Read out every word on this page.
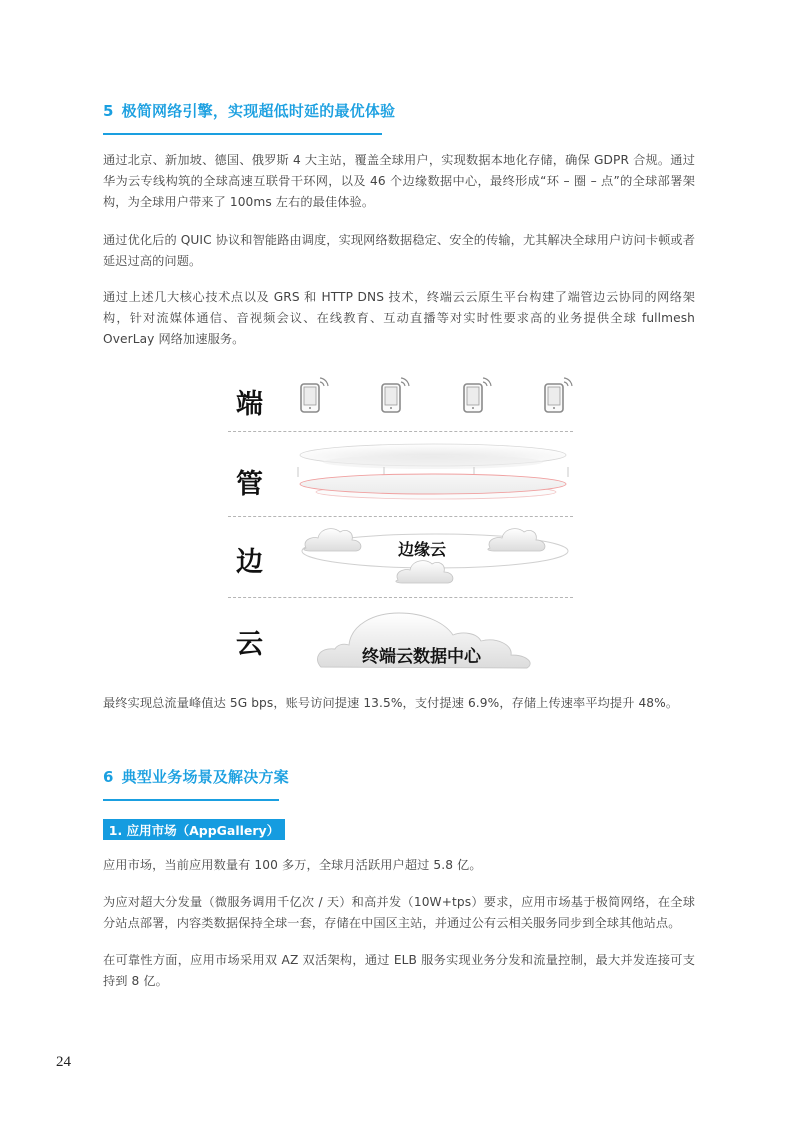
5 极简网络引擎，实现超低时延的最优体验

通过北京、新加坡、德国、俄罗斯 4 大主站，覆盖全球用户，实现数据本地化存储，确保 GDPR 合规。通过华为云专线构筑的全球高速互联骨干环网，以及 46 个边缘数据中心，最终形成“环 – 圈 – 点”的全球部署架构，为全球用户带来了 100ms 左右的最佳体验。

通过优化后的 QUIC 协议和智能路由调度，实现网络数据稳定、安全的传输，尤其解决全球用户访问卡顿或者延迟过高的问题。

通过上述几大核心技术点以及 GRS 和 HTTP DNS 技术，终端云云原生平台构建了端管边云协同的网络架构，针对流媒体通信、音视频会议、在线教育、互动直播等对实时性要求高的业务提供全球 fullmesh OverLay 网络加速服务。

端
管
边	边缘云
云	终端云数据中心

最终实现总流量峰值达 5G bps，账号访问提速 13.5%，支付提速 6.9%，存储上传速率平均提升 48%。

6 典型业务场景及解决方案
1. 应用市场（AppGallery）

应用市场，当前应用数量有 100 多万，全球月活跃用户超过 5.8 亿。

为应对超大分发量（微服务调用千亿次 / 天）和高并发（10W+tps）要求，应用市场基于极简网络，在全球分站点部署，内容类数据保持全球一套，存储在中国区主站，并通过公有云相关服务同步到全球其他站点。

在可靠性方面，应用市场采用双 AZ 双活架构，通过 ELB 服务实现业务分发和流量控制，最大并发连接可支持到 8 亿。

24
